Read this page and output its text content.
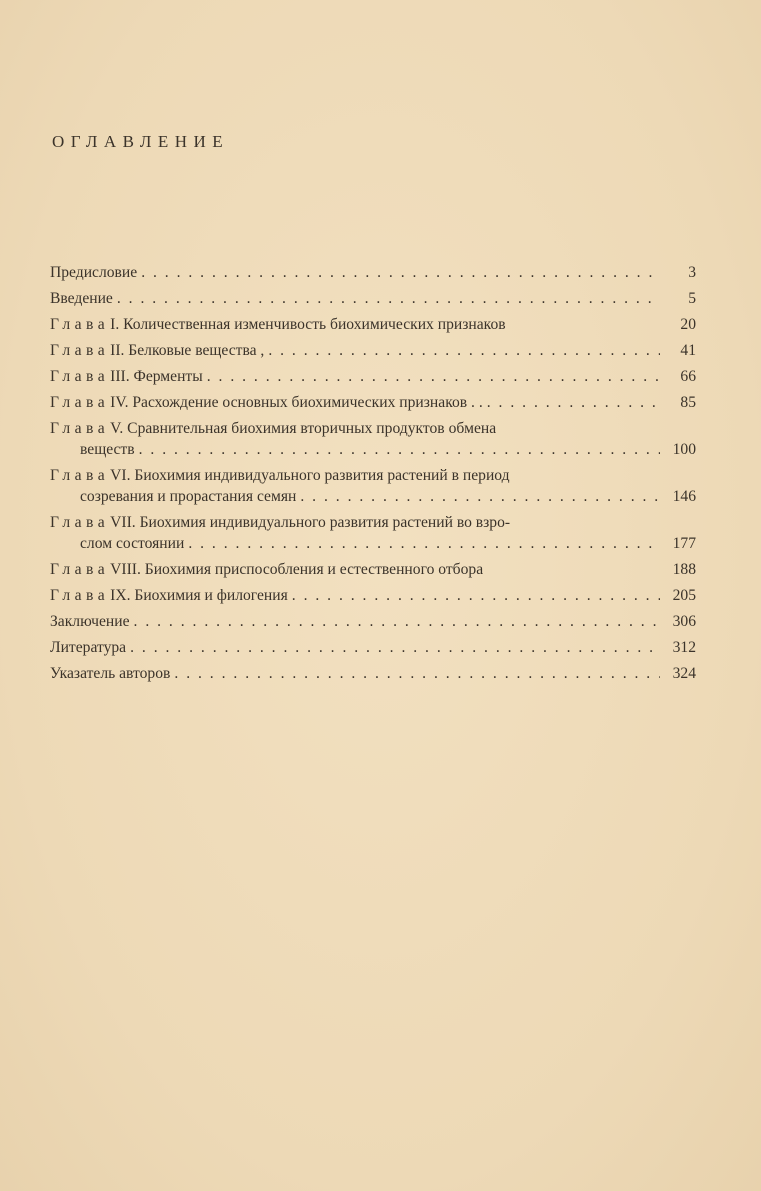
ОГЛАВЛЕНИЕ
Предисловие . . .	3
Введение . . .	5
Глава I. Количественная изменчивость биохимических признаков	20
Глава II. Белковые вещества , . . .	41
Глава III. Ферменты . . .	66
Глава IV. Расхождение основных биохимических признаков . . . . .	85
Глава V. Сравнительная биохимия вторичных продуктов обмена
веществ . . .	100
Глава VI. Биохимия индивидуального развития растений в период
созревания и прорастания семян . . .	146
Глава VII. Биохимия индивидуального развития растений во взро-
слом состоянии . . .	177
Глава VIII. Биохимия приспособления и естественного отбора	188
Глава IX. Биохимия и филогения . . .	205
Заключение . . .	306
Литература . . .	312
Указатель авторов . . .	324
